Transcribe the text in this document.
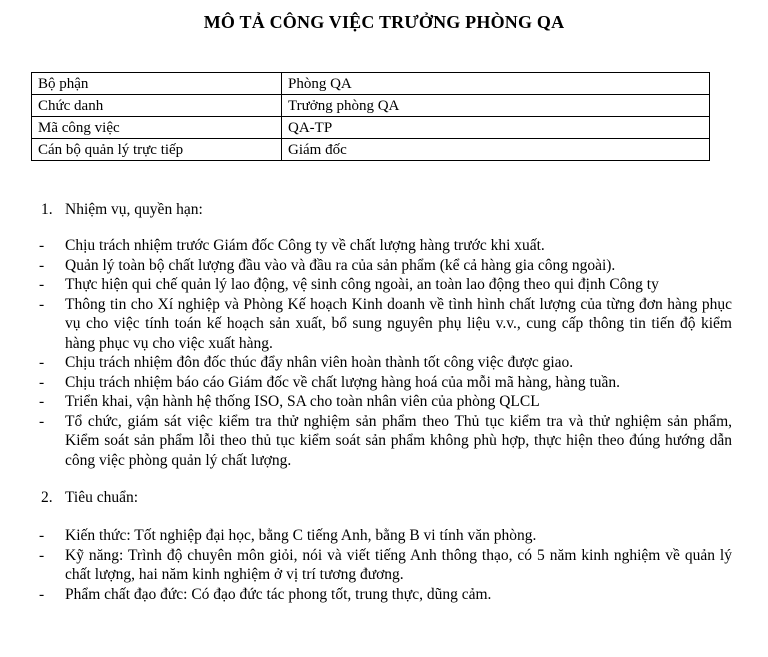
MÔ TẢ CÔNG VIỆC TRƯỞNG PHÒNG QA
Bộ phận	Phòng QA
Chức danh	Trưởng phòng QA
Mã công việc	QA-TP
Cán bộ quản lý trực tiếp	Giám đốc
1. Nhiệm vụ, quyền hạn:
- Chịu trách nhiệm trước Giám đốc Công ty về chất lượng hàng trước khi xuất.
- Quản lý toàn bộ chất lượng đầu vào và đầu ra của sản phẩm (kể cả hàng gia công ngoài).
- Thực hiện qui chế quản lý lao động, vệ sinh công ngoài, an toàn lao động theo qui định Công ty
- Thông tin cho Xí nghiệp và Phòng Kế hoạch Kinh doanh về tình hình chất lượng của từng đơn hàng phục vụ cho việc tính toán kế hoạch sản xuất, bổ sung nguyên phụ liệu v.v., cung cấp thông tin tiến độ kiểm hàng phục vụ cho việc xuất hàng.
- Chịu trách nhiệm đôn đốc thúc đẩy nhân viên hoàn thành tốt công việc được giao.
- Chịu trách nhiệm báo cáo Giám đốc về chất lượng hàng hoá của mỗi mã hàng, hàng tuần.
- Triển khai, vận hành hệ thống ISO, SA cho toàn nhân viên của phòng QLCL
- Tổ chức, giám sát việc kiểm tra thử nghiệm sản phẩm theo Thủ tục kiểm tra và thử nghiệm sản phẩm, Kiểm soát sản phẩm lỗi theo thủ tục kiểm soát sản phẩm không phù hợp, thực hiện theo đúng hướng dẫn công việc phòng quản lý chất lượng.
2. Tiêu chuẩn:
- Kiến thức: Tốt nghiệp đại học, bằng C tiếng Anh, bằng B vi tính văn phòng.
- Kỹ năng: Trình độ chuyên môn giỏi, nói và viết tiếng Anh thông thạo, có 5 năm kinh nghiệm về quản lý chất lượng, hai năm kinh nghiệm ở vị trí tương đương.
- Phẩm chất đạo đức: Có đạo đức tác phong tốt, trung thực, dũng cảm.
